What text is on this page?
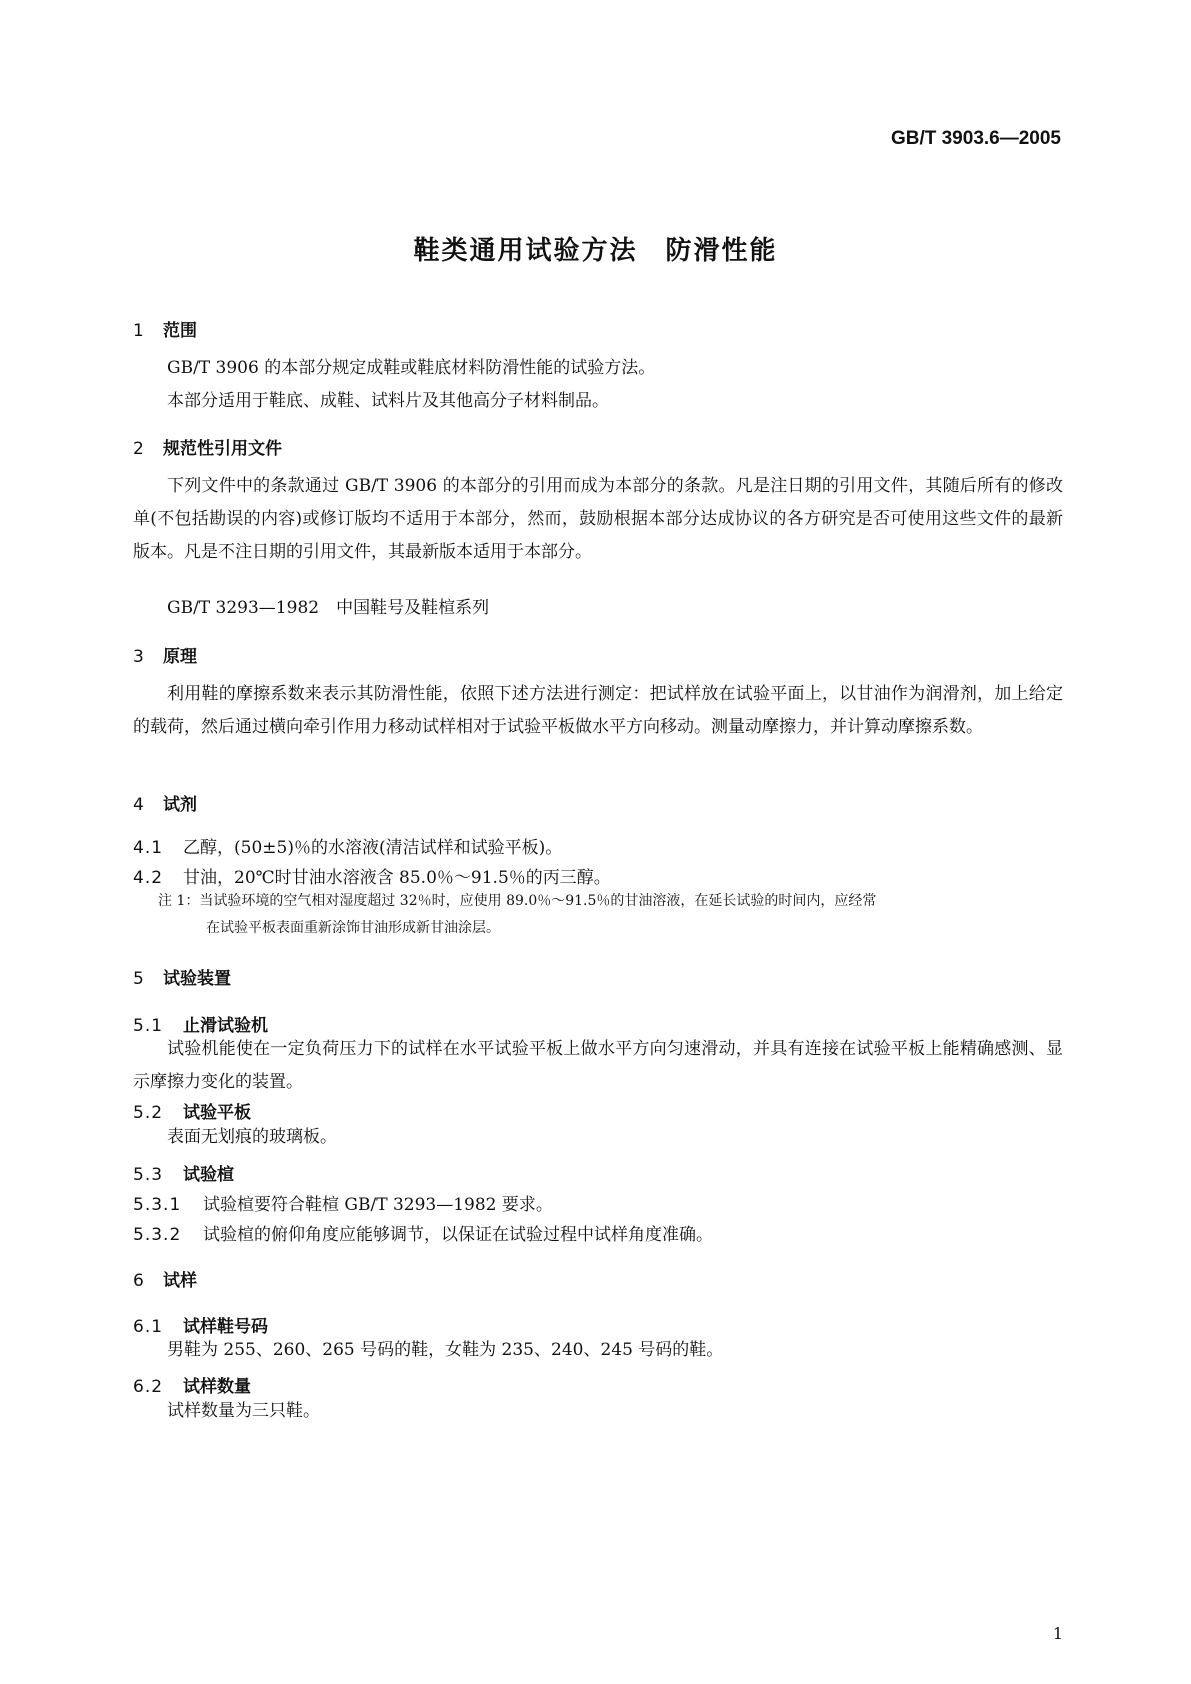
GB/T 3903.6—2005
鞋类通用试验方法　防滑性能
1 范围
GB/T 3906 的本部分规定成鞋或鞋底材料防滑性能的试验方法。
本部分适用于鞋底、成鞋、试料片及其他高分子材料制品。
2 规范性引用文件
下列文件中的条款通过 GB/T 3906 的本部分的引用而成为本部分的条款。凡是注日期的引用文件，其随后所有的修改单(不包括勘误的内容)或修订版均不适用于本部分，然而，鼓励根据本部分达成协议的各方研究是否可使用这些文件的最新版本。凡是不注日期的引用文件，其最新版本适用于本部分。
GB/T 3293—1982　中国鞋号及鞋楦系列
3 原理
利用鞋的摩擦系数来表示其防滑性能，依照下述方法进行测定：把试样放在试验平面上，以甘油作为润滑剂，加上给定的载荷，然后通过横向牵引作用力移动试样相对于试验平板做水平方向移动。测量动摩擦力，并计算动摩擦系数。
4 试剂
4.1 乙醇，(50±5)％的水溶液(清洁试样和试验平板)。
4.2 甘油，20℃时甘油水溶液含 85.0％～91.5％的丙三醇。
注 1：当试验环境的空气相对湿度超过 32％时，应使用 89.0％～91.5％的甘油溶液，在延长试验的时间内，应经常
在试验平板表面重新涂饰甘油形成新甘油涂层。
5 试验装置
5.1 止滑试验机
试验机能使在一定负荷压力下的试样在水平试验平板上做水平方向匀速滑动，并具有连接在试验平板上能精确感测、显示摩擦力变化的装置。
5.2 试验平板
表面无划痕的玻璃板。
5.3 试验楦
5.3.1 试验楦要符合鞋楦 GB/T 3293—1982 要求。
5.3.2 试验楦的俯仰角度应能够调节，以保证在试验过程中试样角度准确。
6 试样
6.1 试样鞋号码
男鞋为 255、260、265 号码的鞋，女鞋为 235、240、245 号码的鞋。
6.2 试样数量
试样数量为三只鞋。
1
